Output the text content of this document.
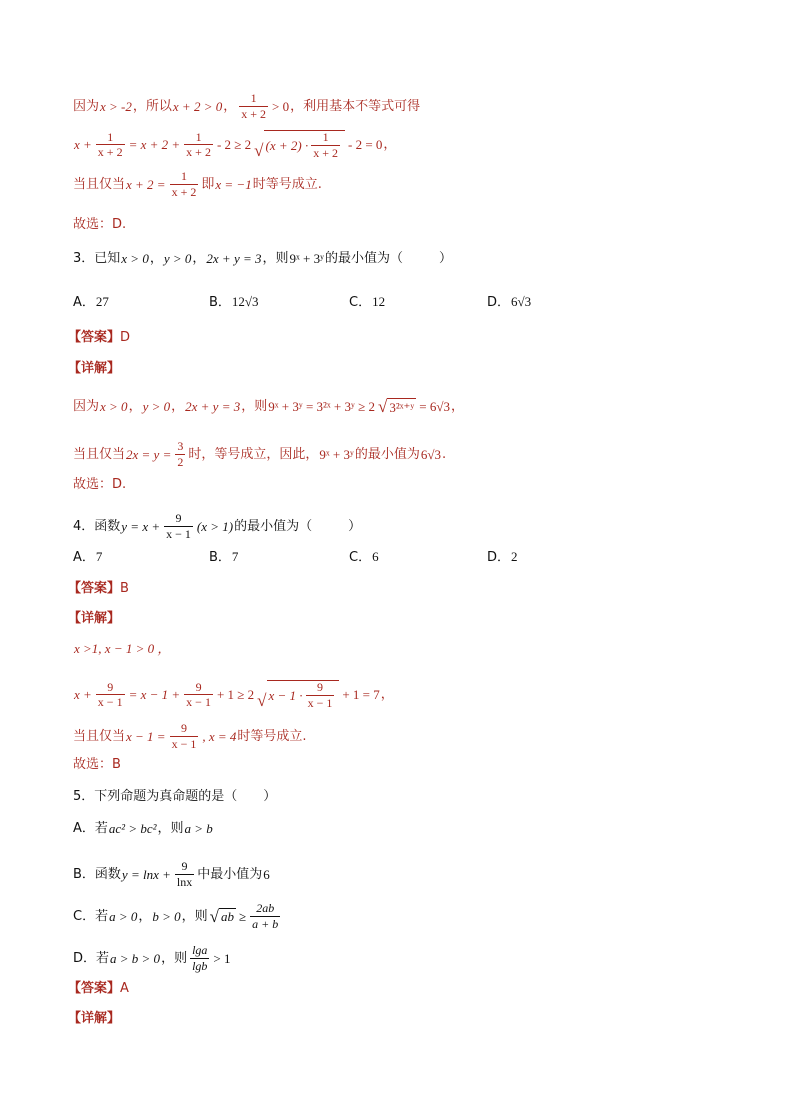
因为 x > -2 ，所以 x + 2 > 0 ， $\frac{1}{x + 2} > 0$ ，利用基本不等式可得
$x + \frac{1}{x + 2} = x + 2 + \frac{1}{x + 2} - 2 \ge 2$ √ $(x + 2) \cdot \frac{1}{x + 2} - 2 = 0$ ，
当且仅当 $x + 2 = \frac{1}{x + 2}$ 即 x = −1 时等号成立.
故选：D.
3．已知 x > 0 ， y > 0 ， 2x + y = 3 ，则 9ˣ + 3ʸ 的最小值为（	）
A．27	B．12√3	C．12	D．6√3
【答案】 D
【详解】
因为 x > 0 ， y > 0 ， 2x + y = 3 ，则 9ˣ + 3ʸ = 3²ˣ + 3ʸ ≥ 2 √ 3²ˣ⁺ʸ = 6√3 ，
当且仅当 $2x = y = \frac{3}{2}$ 时，等号成立，因此， 9ˣ + 3ʸ 的最小值为 6√3 .
故选：D.
4．函数 $y = x + \frac{9}{x - 1} (x > 1)$ 的最小值为（	）
A．7	B．7	C．6	D．2
【答案】 B
【详解】
x >1, x − 1 > 0 ，
$x + \frac{9}{x - 1} = x - 1 + \frac{9}{x - 1} + 1 \ge 2$ √ $x - 1 \cdot \frac{9}{x - 1} + 1 = 7$ ，
当且仅当 $x - 1 = \frac{9}{x - 1}$ , x = 4 时等号成立.
故选：B
5．下列命题为真命题的是（ ）
A．若 ac² > bc² ，则 a > b
B．函数 $y = \ln x + \frac{9}{\ln x}$ 中最小值为 6
C．若 a > 0 ， b > 0 ，则 √ ab ≥ $\frac{2ab}{a + b}$
D．若 a > b > 0 ，则 $\frac{\lg a}{\lg b} > 1$
【答案】 A
【详解】
